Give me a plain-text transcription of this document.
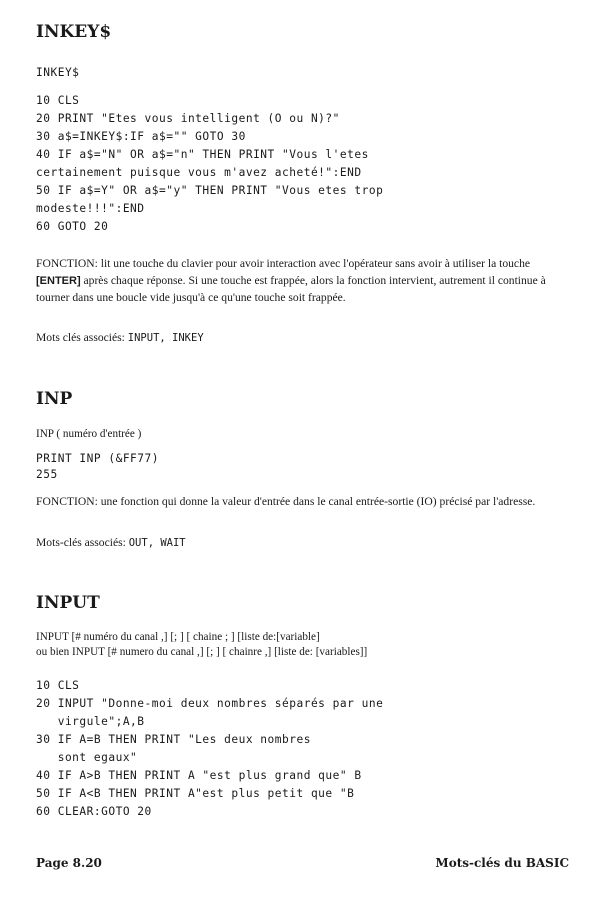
INKEY$
INKEY$
10 CLS
20 PRINT "Etes vous intelligent (O ou N)?"
30 a$=INKEY$:IF a$="" GOTO 30
40 IF a$="N" OR a$="n" THEN PRINT "Vous l'etes
certainement puisque vous m'avez acheté!":END
50 IF a$=Y" OR a$="y" THEN PRINT "Vous etes trop
modeste!!!":END
60 GOTO 20
FONCTION: lit une touche du clavier pour avoir interaction avec l'opérateur sans avoir à utiliser la touche [ENTER] après chaque réponse. Si une touche est frappée, alors la fonction intervient, autrement il continue à tourner dans une boucle vide jusqu'à ce qu'une touche soit frappée.
Mots clés associés: INPUT, INKEY
INP
INP ( numéro d'entrée )
PRINT INP (&FF77)
255
FONCTION: une fonction qui donne la valeur d'entrée dans le canal entrée-sortie (IO) précisé par l'adresse.
Mots-clés associés: OUT, WAIT
INPUT
INPUT [# numéro du canal ,] [; ] [ chaine ; ] [liste de:[variable]
ou bien INPUT [# numero du canal ,] [; ] [ chainre ,] [liste de: [variables]]
10 CLS
20 INPUT "Donne-moi deux nombres séparés par une
virgule";A,B
30 IF A=B THEN PRINT "Les deux nombres
sont egaux"
40 IF A>B THEN PRINT A "est plus grand que" B
50 IF A<B THEN PRINT A"est plus petit que "B
60 CLEAR:GOTO 20
Page 8.20	Mots-clés du BASIC
